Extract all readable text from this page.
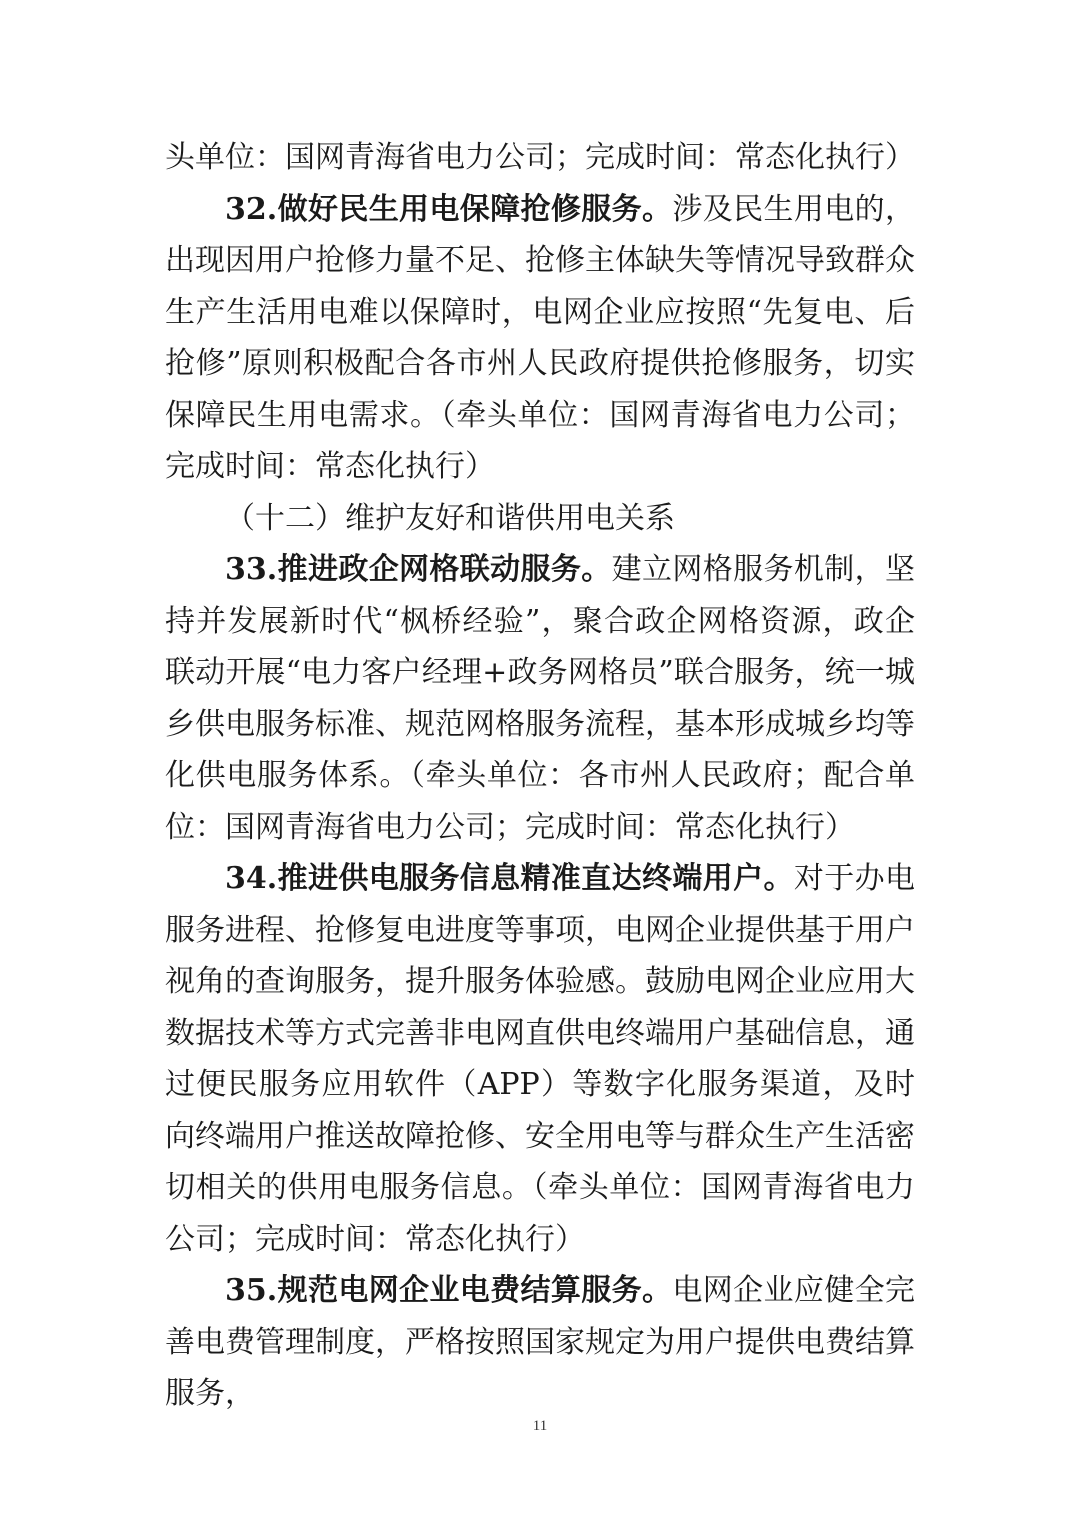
头单位：国网青海省电力公司；完成时间：常态化执行）

32.做好民生用电保障抢修服务。涉及民生用电的，出现因用户抢修力量不足、抢修主体缺失等情况导致群众生产生活用电难以保障时，电网企业应按照“先复电、后抢修”原则积极配合各市州人民政府提供抢修服务，切实保障民生用电需求。（牵头单位：国网青海省电力公司；完成时间：常态化执行）

（十二）维护友好和谐供用电关系

33.推进政企网格联动服务。建立网格服务机制，坚持并发展新时代“枫桥经验”，聚合政企网格资源，政企联动开展“电力客户经理+政务网格员”联合服务，统一城乡供电服务标准、规范网格服务流程，基本形成城乡均等化供电服务体系。（牵头单位：各市州人民政府；配合单位：国网青海省电力公司；完成时间：常态化执行）

34.推进供电服务信息精准直达终端用户。对于办电服务进程、抢修复电进度等事项，电网企业提供基于用户视角的查询服务，提升服务体验感。鼓励电网企业应用大数据技术等方式完善非电网直供电终端用户基础信息，通过便民服务应用软件（APP）等数字化服务渠道，及时向终端用户推送故障抢修、安全用电等与群众生产生活密切相关的供用电服务信息。（牵头单位：国网青海省电力公司；完成时间：常态化执行）

35.规范电网企业电费结算服务。电网企业应健全完善电费管理制度，严格按照国家规定为用户提供电费结算服务，

11
